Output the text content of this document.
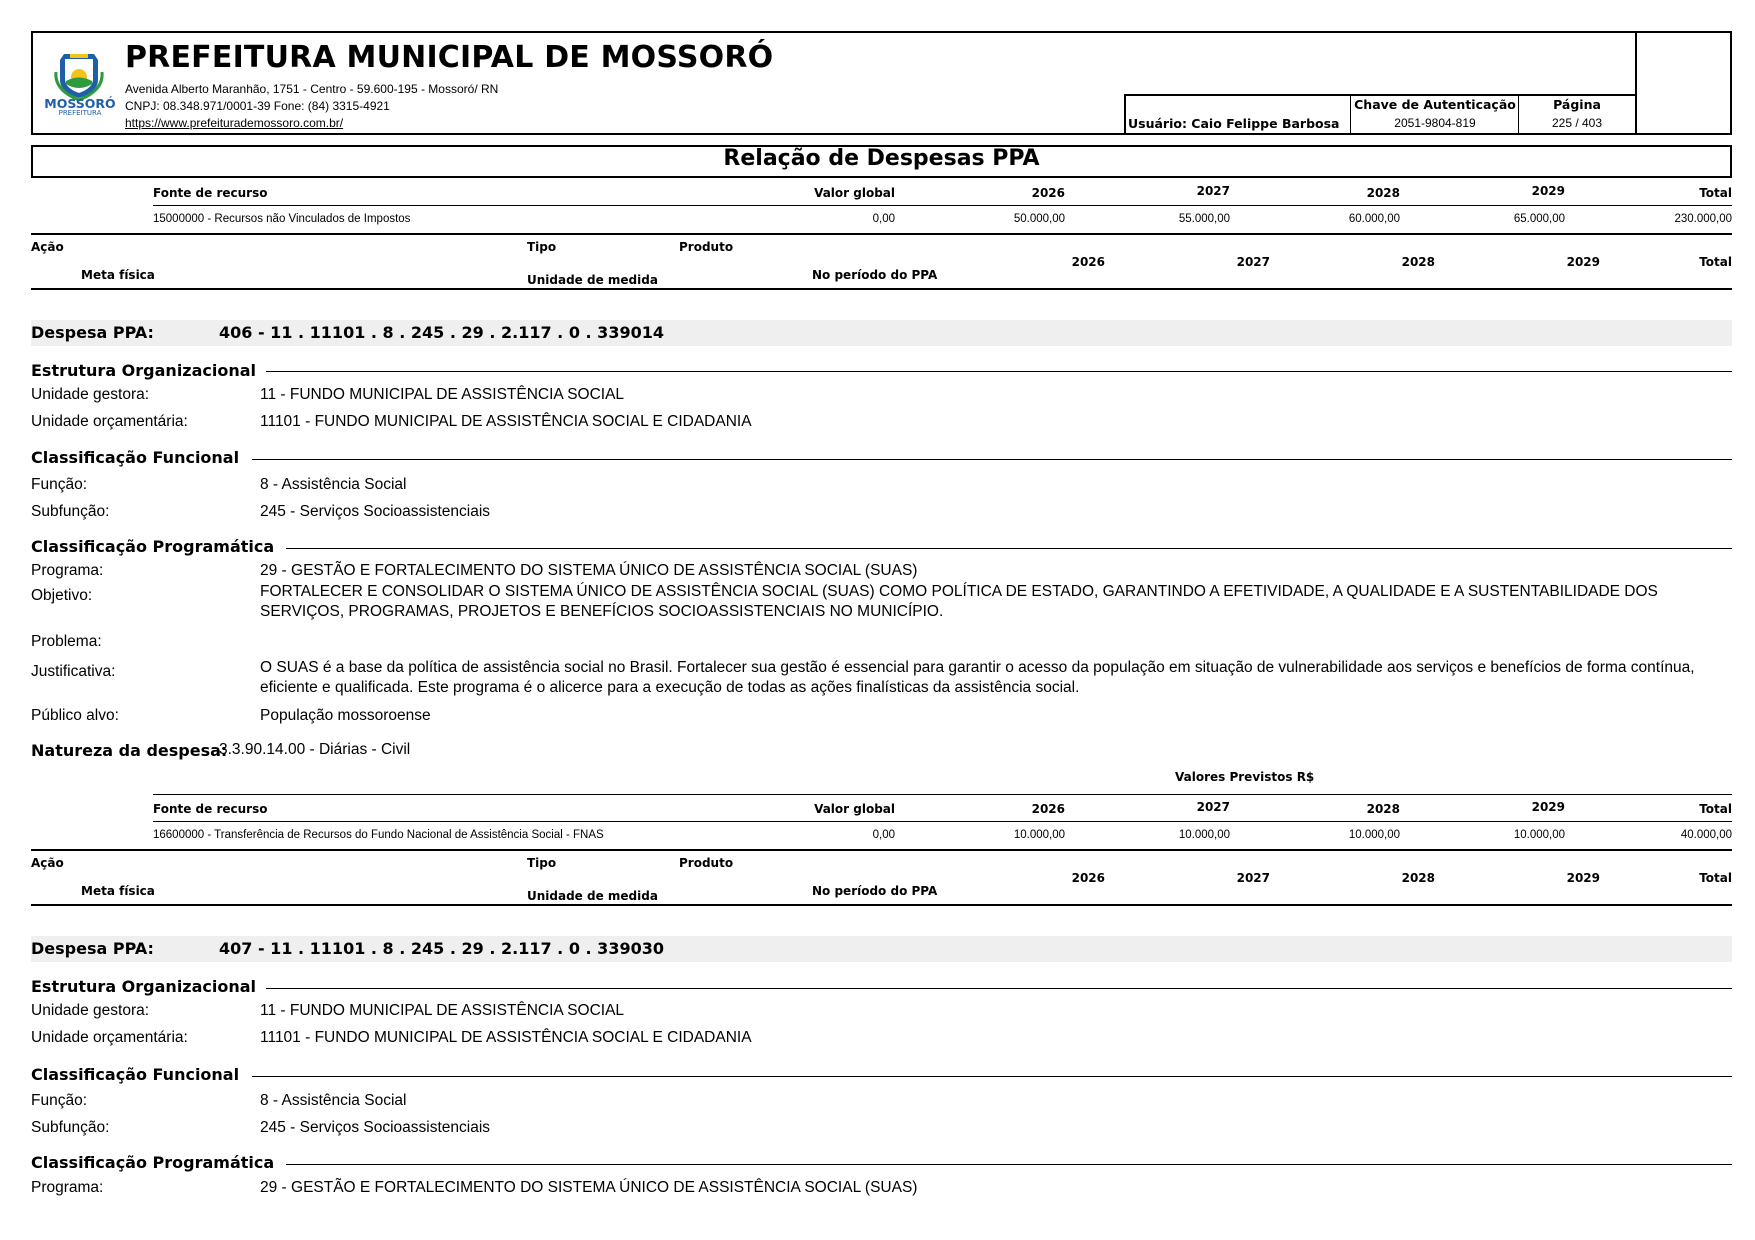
MOSSORÓ
PREFEITURA
PREFEITURA MUNICIPAL DE MOSSORÓ
Avenida Alberto Maranhão, 1751 - Centro - 59.600-195 - Mossoró/ RN
CNPJ: 08.348.971/0001-39 Fone: (84) 3315-4921
https://www.prefeiturademossoro.com.br/	Usuário: Caio Felippe Barbosa
Chave de Autenticação
2051-9804-819
Página
225 / 403
Relação de Despesas PPA
Fonte de recurso	Valor global	2026	2027	2028	2029	Total
15000000 - Recursos não Vinculados de Impostos	0,00	50.000,00	55.000,00	60.000,00	65.000,00	230.000,00
Ação	Tipo	Produto
Meta física	Unidade de medida	No período do PPA
2026	2027	2028	2029	Total
Despesa PPA:	406 - 11 . 11101 . 8 . 245 . 29 . 2.117 . 0 . 339014
Estrutura Organizacional
Unidade gestora:	11 - FUNDO MUNICIPAL DE ASSISTÊNCIA SOCIAL
Unidade orçamentária:	11101 - FUNDO MUNICIPAL DE ASSISTÊNCIA SOCIAL E CIDADANIA
Classificação Funcional
Função:	8 - Assistência Social
Subfunção:	245 - Serviços Socioassistenciais
Classificação Programática
Programa:	29 - GESTÃO E FORTALECIMENTO DO SISTEMA ÚNICO DE ASSISTÊNCIA SOCIAL (SUAS)
Objetivo:	FORTALECER E CONSOLIDAR O SISTEMA ÚNICO DE ASSISTÊNCIA SOCIAL (SUAS) COMO POLÍTICA DE ESTADO, GARANTINDO A EFETIVIDADE, A QUALIDADE E A SUSTENTABILIDADE DOS SERVIÇOS, PROGRAMAS, PROJETOS E BENEFÍCIOS SOCIOASSISTENCIAIS NO MUNICÍPIO.
Problema:
Justificativa:	O SUAS é a base da política de assistência social no Brasil. Fortalecer sua gestão é essencial para garantir o acesso da população em situação de vulnerabilidade aos serviços e benefícios de forma contínua, eficiente e qualificada. Este programa é o alicerce para a execução de todas as ações finalísticas da assistência social.
Público alvo:	População mossoroense
Natureza da despesa:
3.3.90.14.00 - Diárias - Civil
Valores Previstos R$
Fonte de recurso	Valor global	2026	2027	2028	2029	Total
16600000 - Transferência de Recursos do Fundo Nacional de Assistência Social - FNAS	0,00	10.000,00	10.000,00	10.000,00	10.000,00	40.000,00
Ação	Tipo	Produto
Meta física	Unidade de medida	No período do PPA
2026	2027	2028	2029	Total
Despesa PPA:	407 - 11 . 11101 . 8 . 245 . 29 . 2.117 . 0 . 339030
Estrutura Organizacional
Unidade gestora:	11 - FUNDO MUNICIPAL DE ASSISTÊNCIA SOCIAL
Unidade orçamentária:	11101 - FUNDO MUNICIPAL DE ASSISTÊNCIA SOCIAL E CIDADANIA
Classificação Funcional
Função:	8 - Assistência Social
Subfunção:	245 - Serviços Socioassistenciais
Classificação Programática
Programa:	29 - GESTÃO E FORTALECIMENTO DO SISTEMA ÚNICO DE ASSISTÊNCIA SOCIAL (SUAS)
